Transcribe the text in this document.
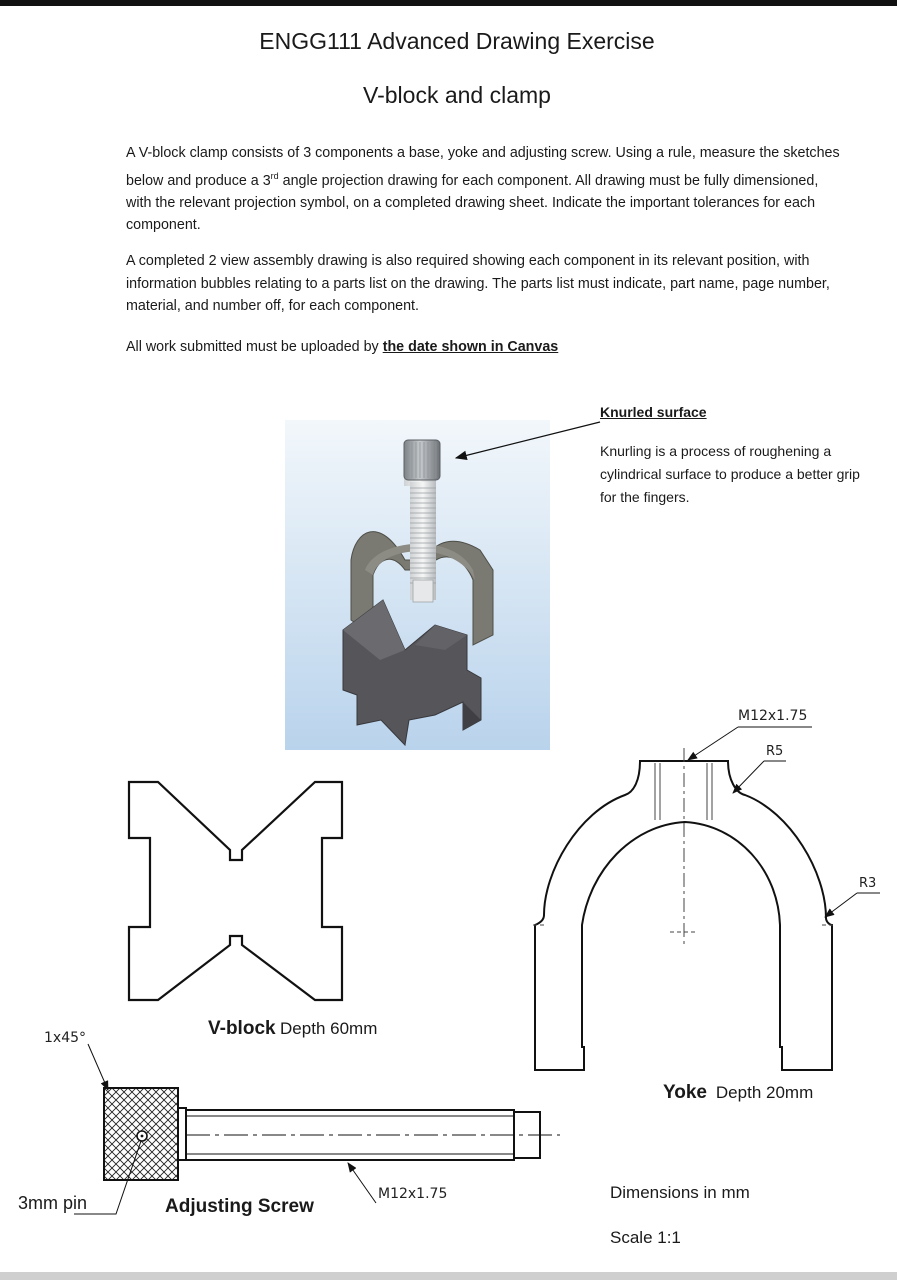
ENGG111 Advanced Drawing Exercise
V-block and clamp
A V-block clamp consists of 3 components a base, yoke and adjusting screw. Using a rule, measure the sketches below and produce a 3rd angle projection drawing for each component. All drawing must be fully dimensioned, with the relevant projection symbol, on a completed drawing sheet. Indicate the important tolerances for each component.
A completed 2 view assembly drawing is also required showing each component in its relevant position, with information bubbles relating to a parts list on the drawing. The parts list must indicate, part name, page number, material, and number off, for each component.
All work submitted must be uploaded by the date shown in Canvas
Knurled surface
Knurling is a process of roughening a cylindrical surface to produce a better grip for the fingers.
M12x1.75
R5
R3
1x45°
M12x1.75
V-block Depth 60mm
Yoke Depth 20mm
3mm pin	Adjusting Screw
Dimensions in mm
Scale 1:1
